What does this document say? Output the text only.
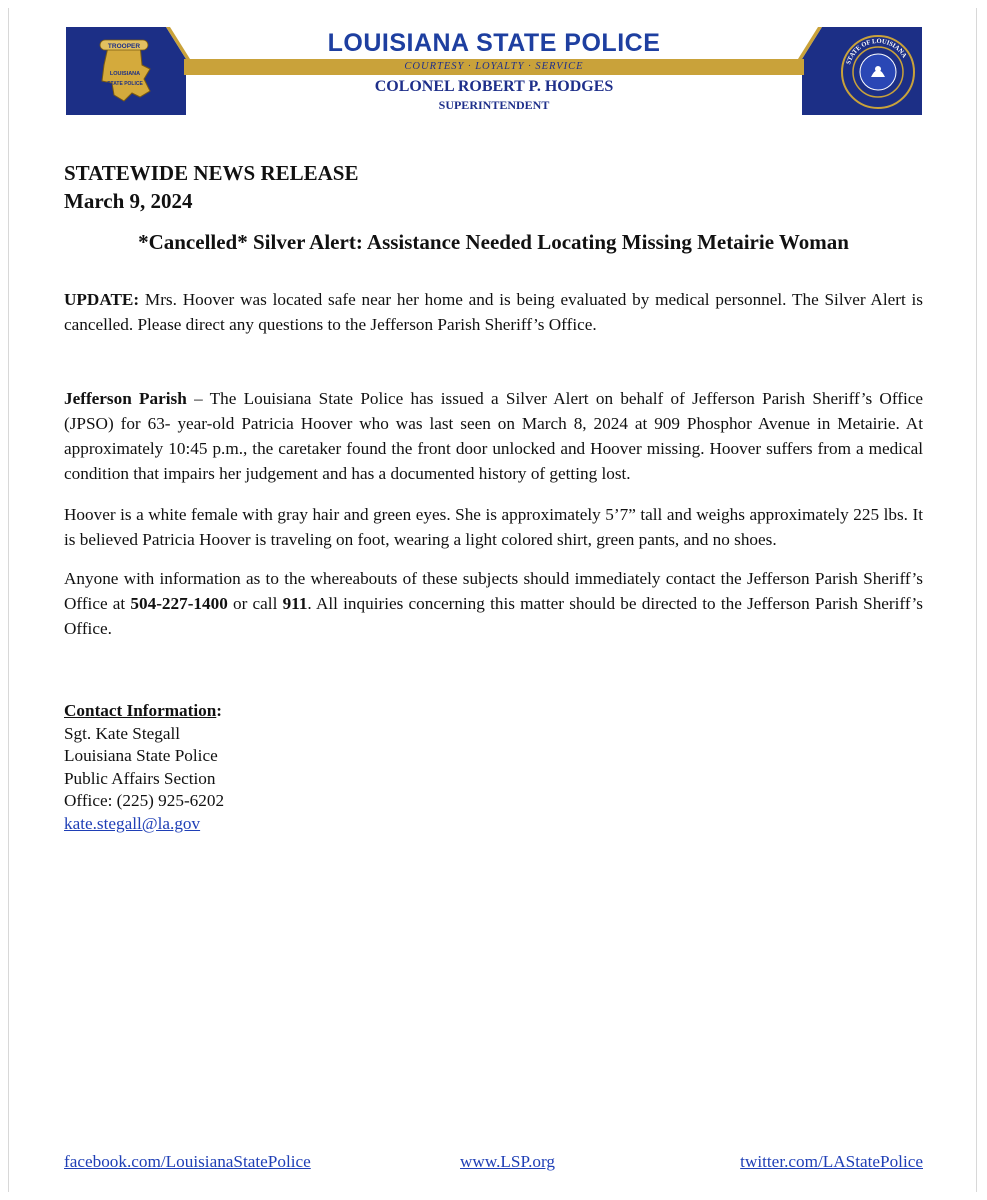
TROOPER
LOUISIANA
STATE POLICE
LOUISIANA STATE POLICE
COURTESY · LOYALTY · SERVICE
COLONEL ROBERT P. HODGES
SUPERINTENDENT
STATE OF LOUISIANA
STATEWIDE NEWS RELEASE
March 9, 2024
*Cancelled* Silver Alert: Assistance Needed Locating Missing Metairie Woman

UPDATE: Mrs. Hoover was located safe near her home and is being evaluated by medical personnel. The Silver Alert is cancelled. Please direct any questions to the Jefferson Parish Sheriff’s Office.

Jefferson Parish – The Louisiana State Police has issued a Silver Alert on behalf of Jefferson Parish Sheriff’s Office (JPSO) for 63- year-old Patricia Hoover who was last seen on March 8, 2024 at 909 Phosphor Avenue in Metairie. At approximately 10:45 p.m., the caretaker found the front door unlocked and Hoover missing. Hoover suffers from a medical condition that impairs her judgement and has a documented history of getting lost.

Hoover is a white female with gray hair and green eyes. She is approximately 5’7” tall and weighs approximately 225 lbs. It is believed Patricia Hoover is traveling on foot, wearing a light colored shirt, green pants, and no shoes.

Anyone with information as to the whereabouts of these subjects should immediately contact the Jefferson Parish Sheriff’s Office at 504-227-1400 or call 911. All inquiries concerning this matter should be directed to the Jefferson Parish Sheriff’s Office.

Contact Information:
Sgt. Kate Stegall
Louisiana State Police
Public Affairs Section
Office: (225) 925-6202
kate.stegall@la.gov
facebook.com/LouisianaStatePolice	www.LSP.org	twitter.com/LAStatePolice
